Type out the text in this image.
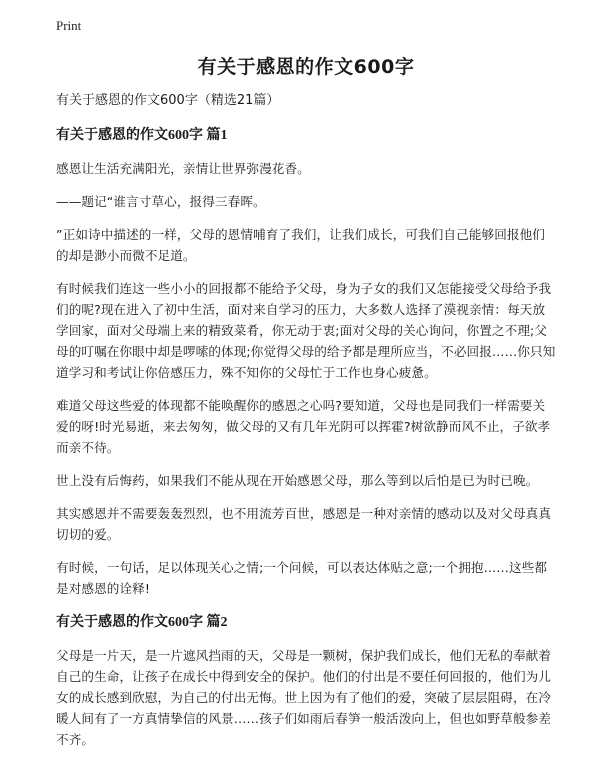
Print
有关于感恩的作文600字
有关于感恩的作文600字（精选21篇）
有关于感恩的作文600字 篇1

感恩让生活充满阳光，亲情让世界弥漫花香。

——题记“谁言寸草心，报得三春晖。

”正如诗中描述的一样，父母的恩情哺育了我们，让我们成长，可我们自己能够回报他们的却是渺小而微不足道。

有时候我们连这一些小小的回报都不能给予父母，身为子女的我们又怎能接受父母给予我们的呢?现在进入了初中生活，面对来自学习的压力，大多数人选择了漠视亲情：每天放学回家，面对父母端上来的精致菜肴，你无动于衷;面对父母的关心询问，你置之不理;父母的叮嘱在你眼中却是啰嗦的体现;你觉得父母的给予都是理所应当，不必回报……你只知道学习和考试让你倍感压力，殊不知你的父母忙于工作也身心疲惫。

难道父母这些爱的体现都不能唤醒你的感恩之心吗?要知道，父母也是同我们一样需要关爱的呀!时光易逝，来去匆匆，做父母的又有几年光阴可以挥霍?树欲静而风不止，子欲孝而亲不待。

世上没有后悔药，如果我们不能从现在开始感恩父母，那么等到以后怕是已为时已晚。

其实感恩并不需要轰轰烈烈，也不用流芳百世，感恩是一种对亲情的感动以及对父母真真切切的爱。

有时候，一句话，足以体现关心之情;一个问候，可以表达体贴之意;一个拥抱……这些都是对感恩的诠释!

有关于感恩的作文600字 篇2

父母是一片天，是一片遮风挡雨的天，父母是一颗树，保护我们成长，他们无私的奉献着自己的生命，让孩子在成长中得到安全的保护。他们的付出是不要任何回报的，他们为儿女的成长感到欣慰，为自己的付出无悔。世上因为有了他们的爱，突破了层层阻碍，在冷暖人间有了一方真情挚信的风景……孩子们如雨后春笋一般活泼向上，但也如野草般参差不齐。
